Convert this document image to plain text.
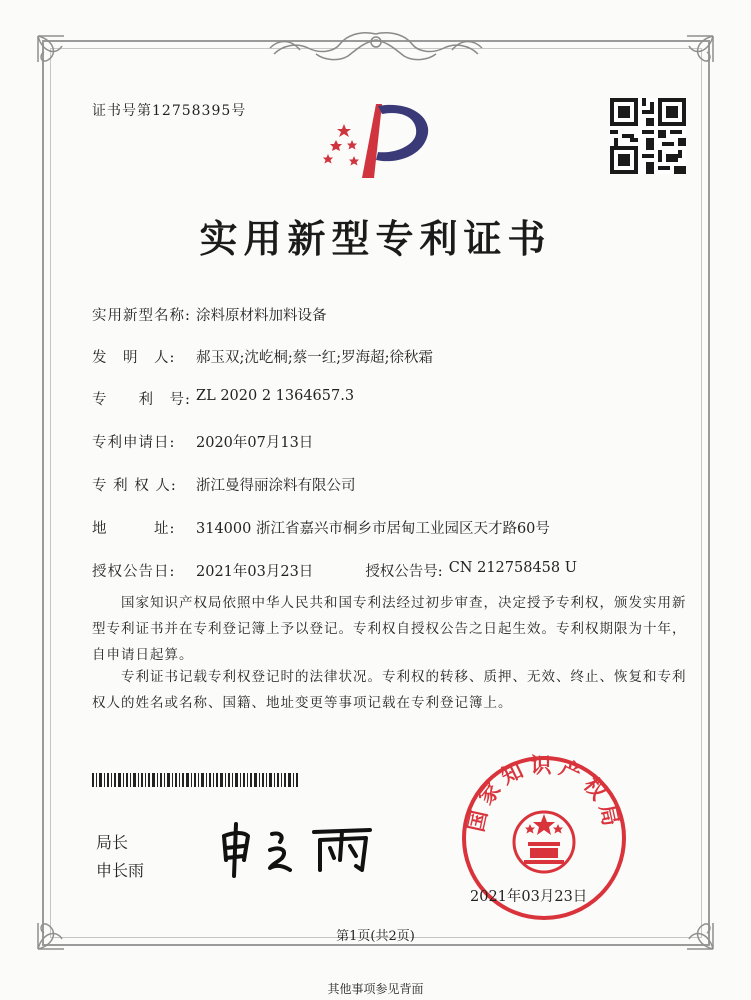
证书号第12758395号
实用新型专利证书
实用新型名称: 涂料原材料加料设备
发　明　人:	郝玉双;沈屹桐;蔡一红;罗海超;徐秋霜
专　　利　号: ZL 2020 2 1364657.3
专利申请日:	2020年07月13日
专 利 权 人:	浙江曼得丽涂料有限公司
地　　　址:	314000 浙江省嘉兴市桐乡市居甸工业园区天才路60号
授权公告日:	2021年03月23日	授权公告号: CN 212758458 U
　　国家知识产权局依照中华人民共和国专利法经过初步审查，决定授予专利权，颁发实用新型专利证书并在专利登记簿上予以登记。专利权自授权公告之日起生效。专利权期限为十年，自申请日起算。
　　专利证书记载专利权登记时的法律状况。专利权的转移、质押、无效、终止、恢复和专利权人的姓名或名称、国籍、地址变更等事项记载在专利登记簿上。
局长
申长雨
国家知识产权局
2021年03月23日
第1页(共2页)
其他事项参见背面
